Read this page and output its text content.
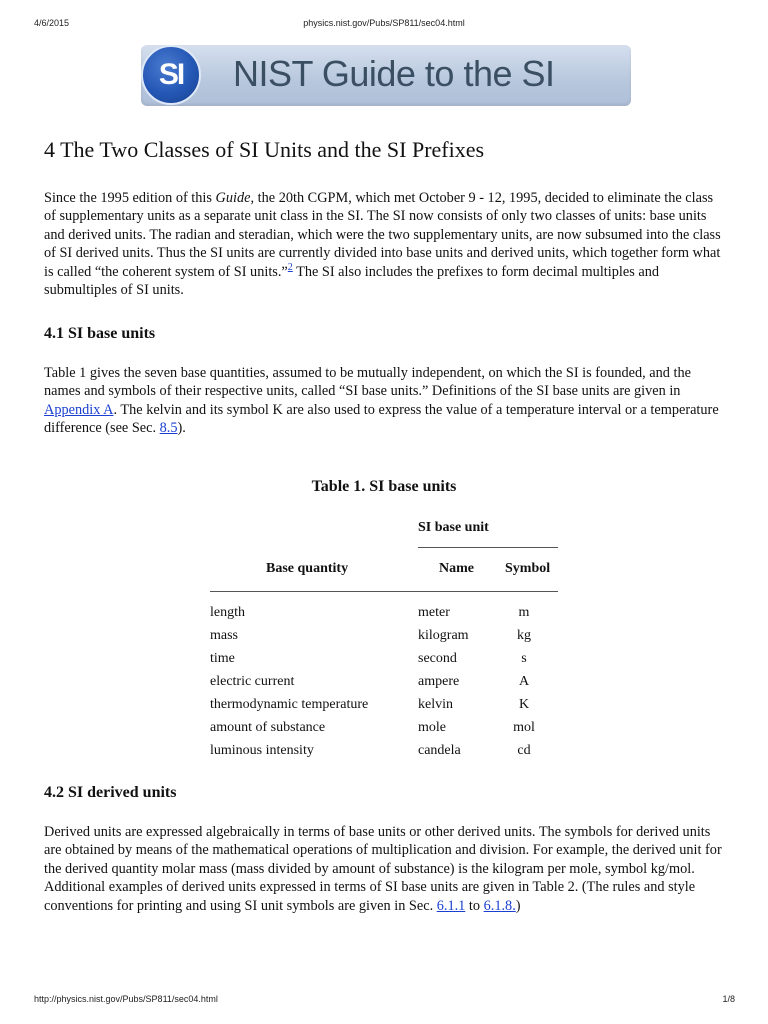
4/6/2015	physics.nist.gov/Pubs/SP811/sec04.html
SI NIST Guide to the SI
4 The Two Classes of SI Units and the SI Prefixes

Since the 1995 edition of this Guide, the 20th CGPM, which met October 9 - 12, 1995, decided to eliminate the class of supplementary units as a separate unit class in the SI. The SI now consists of only two classes of units: base units and derived units. The radian and steradian, which were the two supplementary units, are now subsumed into the class of SI derived units. Thus the SI units are currently divided into base units and derived units, which together form what is called “the coherent system of SI units.”$^2$ The SI also includes the prefixes to form decimal multiples and submultiples of SI units.

4.1 SI base units

Table 1 gives the seven base quantities, assumed to be mutually independent, on which the SI is founded, and the names and symbols of their respective units, called “SI base units.” Definitions of the SI base units are given in Appendix A. The kelvin and its symbol K are also used to express the value of a temperature interval or a temperature difference (see Sec. 8.5).

Table 1. SI base units
SI base unit
Base quantity	Name Symbol
length	meter	m
mass	kilogram	kg
time	second	s
electric current	ampere	A
thermodynamic temperature	kelvin	K
amount of substance	mole	mol
luminous intensity	candela	cd
4.2 SI derived units

Derived units are expressed algebraically in terms of base units or other derived units. The symbols for derived units are obtained by means of the mathematical operations of multiplication and division. For example, the derived unit for the derived quantity molar mass (mass divided by amount of substance) is the kilogram per mole, symbol kg/mol. Additional examples of derived units expressed in terms of SI base units are given in Table 2. (The rules and style conventions for printing and using SI unit symbols are given in Sec. 6.1.1 to 6.1.8.)

http://physics.nist.gov/Pubs/SP811/sec04.html	1/8
